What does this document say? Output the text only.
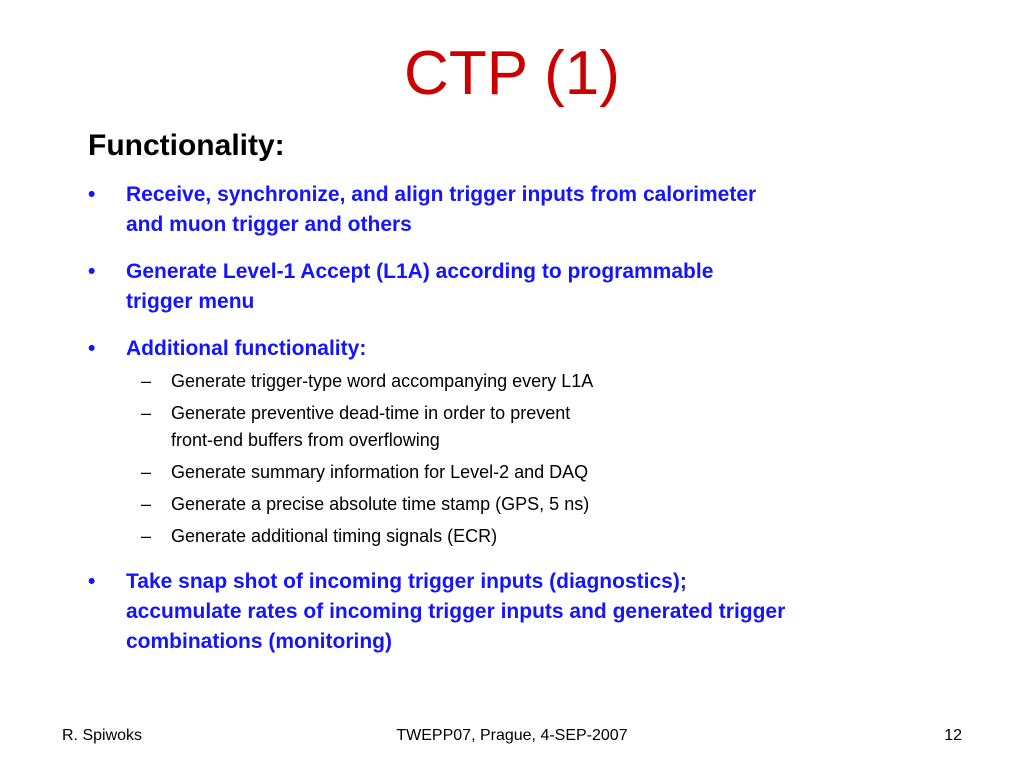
CTP (1)
Functionality:
• Receive, synchronize, and align trigger inputs from calorimeter
and muon trigger and others
• Generate Level-1 Accept (L1A) according to programmable
trigger menu
• Additional functionality:
– Generate trigger-type word accompanying every L1A
– Generate preventive dead-time in order to prevent
front-end buffers from overflowing
– Generate summary information for Level-2 and DAQ
– Generate a precise absolute time stamp (GPS, 5 ns)
– Generate additional timing signals (ECR)
• Take snap shot of incoming trigger inputs (diagnostics);
accumulate rates of incoming trigger inputs and generated trigger
combinations (monitoring)
R. Spiwoks	TWEPP07, Prague, 4-SEP-2007	12
